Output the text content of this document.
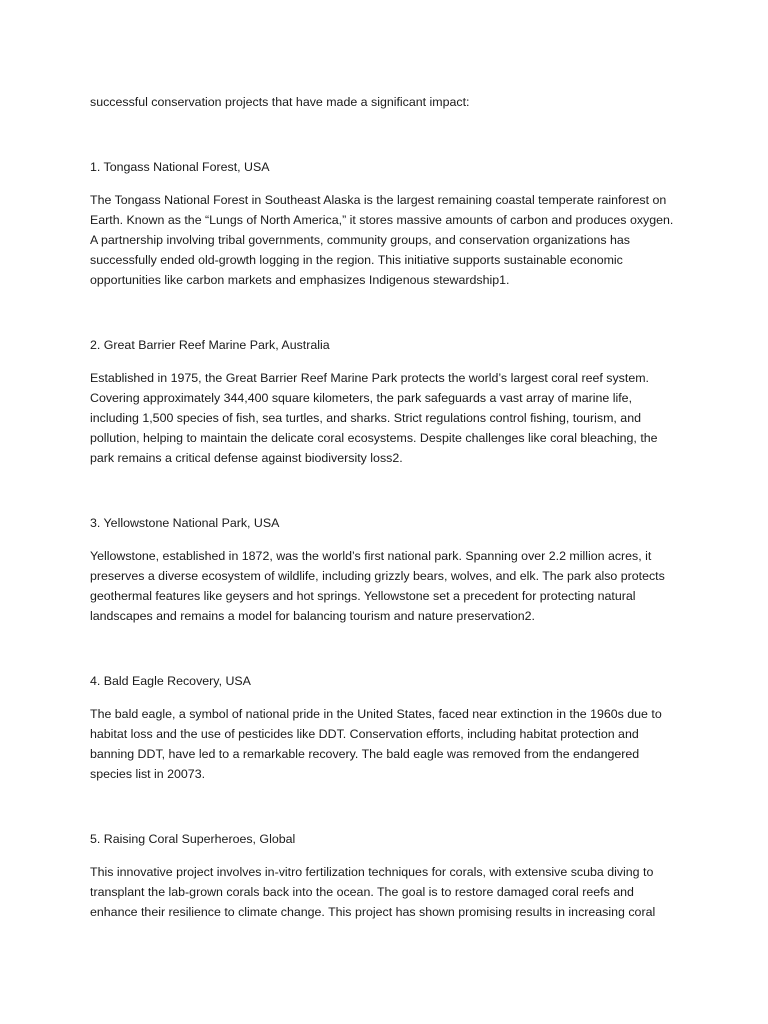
successful conservation projects that have made a significant impact:

1. Tongass National Forest, USA

The Tongass National Forest in Southeast Alaska is the largest remaining coastal temperate rainforest on Earth. Known as the “Lungs of North America,” it stores massive amounts of carbon and produces oxygen. A partnership involving tribal governments, community groups, and conservation organizations has successfully ended old-growth logging in the region. This initiative supports sustainable economic opportunities like carbon markets and emphasizes Indigenous stewardship1.

2. Great Barrier Reef Marine Park, Australia

Established in 1975, the Great Barrier Reef Marine Park protects the world’s largest coral reef system. Covering approximately 344,400 square kilometers, the park safeguards a vast array of marine life, including 1,500 species of fish, sea turtles, and sharks. Strict regulations control fishing, tourism, and pollution, helping to maintain the delicate coral ecosystems. Despite challenges like coral bleaching, the park remains a critical defense against biodiversity loss2.

3. Yellowstone National Park, USA

Yellowstone, established in 1872, was the world’s first national park. Spanning over 2.2 million acres, it preserves a diverse ecosystem of wildlife, including grizzly bears, wolves, and elk. The park also protects geothermal features like geysers and hot springs. Yellowstone set a precedent for protecting natural landscapes and remains a model for balancing tourism and nature preservation2.

4. Bald Eagle Recovery, USA

The bald eagle, a symbol of national pride in the United States, faced near extinction in the 1960s due to habitat loss and the use of pesticides like DDT. Conservation efforts, including habitat protection and banning DDT, have led to a remarkable recovery. The bald eagle was removed from the endangered species list in 20073.

5. Raising Coral Superheroes, Global

This innovative project involves in-vitro fertilization techniques for corals, with extensive scuba diving to transplant the lab-grown corals back into the ocean. The goal is to restore damaged coral reefs and enhance their resilience to climate change. This project has shown promising results in increasing coral
